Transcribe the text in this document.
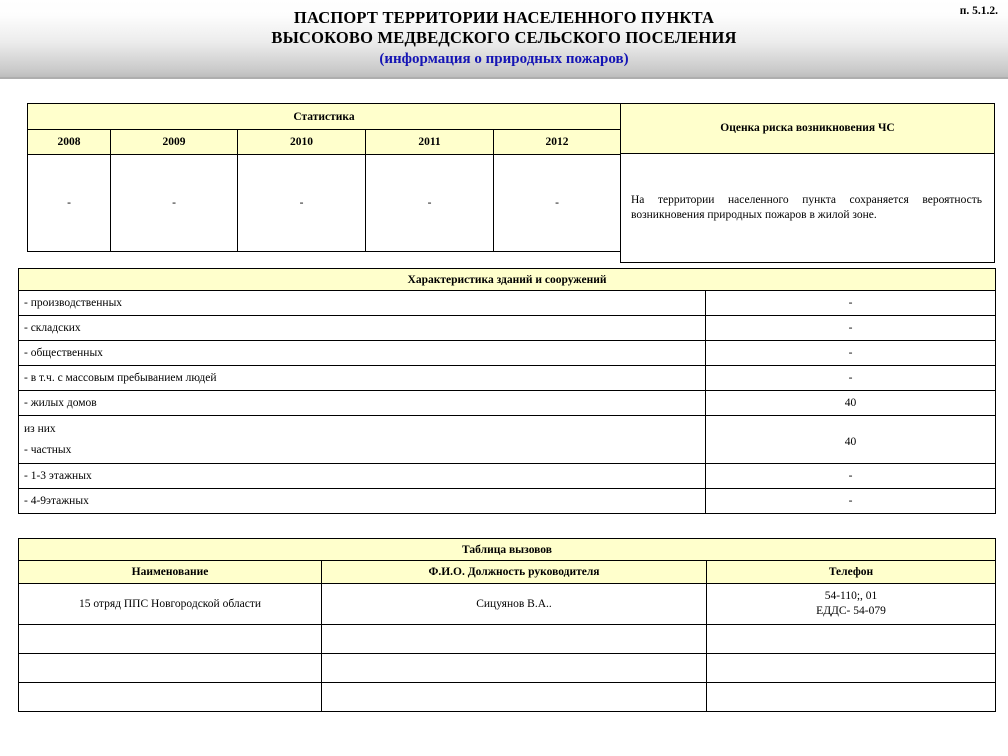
ПАСПОРТ ТЕРРИТОРИИ НАСЕЛЕННОГО ПУНКТА
ВЫСОКОВО МЕДВЕДСКОГО СЕЛЬСКОГО ПОСЕЛЕНИЯ
(информация о природных пожаров)
п. 5.1.2.
Статистика				
2008	2009	2010	2011	2012
-	-	-	-	-
Оценка риска возникновения ЧС
На территории населенного пункта сохраняется вероятность возникновения природных пожаров в жилой зоне.
Характеристика зданий и сооружений	
- производственных	-
- складских	-
- общественных	-
- в т.ч. с массовым пребыванием людей	-
- жилых домов	40
из них
- частных	40
- 1-3 этажных	-
- 4-9этажных	-
Таблица вызовов		
Наименование	Ф.И.О. Должность руководителя	Телефон
15 отряд ППС Новгородской области	Сицуянов В.А..	54-110;, 01
ЕДДС- 54-079
